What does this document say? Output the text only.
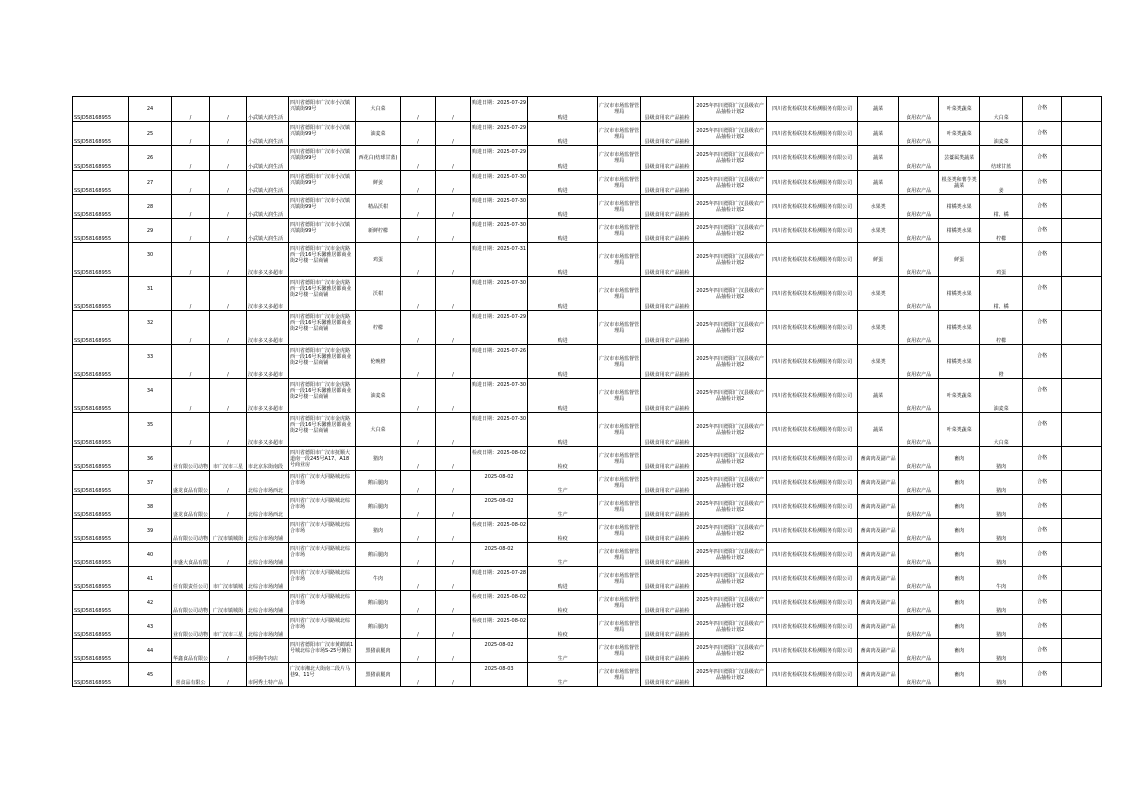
SSJD58168955	24	/	/	小武镇大润生活	四川省德阳市广汉市小汉镇兴镇街99号	大白菜	/	/	购进日期：2025-07-29	购进	广汉市市场监督管理局	县级食用农产品抽检	2025年四川德阳广汉县级农产品抽检计划2	四川省优检联技术检测服务有限公司	蔬菜	食用农产品	叶菜类蔬菜	大白菜	合格	
SSJD58168955	25	/	/	小武镇大润生活	四川省德阳市广汉市小汉镇兴镇街99号	油麦菜	/	/	购进日期：2025-07-29	购进	广汉市市场监督管理局	县级食用农产品抽检	2025年四川德阳广汉县级农产品抽检计划2	四川省优检联技术检测服务有限公司	蔬菜	食用农产品	叶菜类蔬菜	油麦菜	合格	
SSJD58168955	26	/	/	小武镇大润生活	四川省德阳市广汉市小汉镇兴镇街99号	西花白(结球甘蓝)	/	/	购进日期：2025-07-29	购进	广汉市市场监督管理局	县级食用农产品抽检	2025年四川德阳广汉县级农产品抽检计划2	四川省优检联技术检测服务有限公司	蔬菜	食用农产品	芸薹属类蔬菜	结球甘蓝	合格	
SSJD58168955	27	/	/	小武镇大润生活	四川省德阳市广汉市小汉镇兴镇街99号	鲜姜	/	/	购进日期：2025-07-30	购进	广汉市市场监督管理局	县级食用农产品抽检	2025年四川德阳广汉县级农产品抽检计划2	四川省优检联技术检测服务有限公司	蔬菜	食用农产品	根茎类和薯芋类蔬菜	姜	合格	
SSJD58168955	28	/	/	小武镇大润生活	四川省德阳市广汉市小汉镇兴镇街99号	精品沃柑	/	/	购进日期：2025-07-30	购进	广汉市市场监督管理局	县级食用农产品抽检	2025年四川德阳广汉县级农产品抽检计划2	四川省优检联技术检测服务有限公司	水果类	食用农产品	柑橘类水果	柑、橘	合格	
SSJD58168955	29	/	/	小武镇大润生活	四川省德阳市广汉市小汉镇兴镇街99号	新鲜柠檬	/	/	购进日期：2025-07-30	购进	广汉市市场监督管理局	县级食用农产品抽检	2025年四川德阳广汉县级农产品抽检计划2	四川省优检联技术检测服务有限公司	水果类	食用农产品	柑橘类水果	柠檬	合格	
SSJD58168955	30	/	/	汉市多又多超市	四川省德阳市广汉市金虎路西一段16号禾馨雅居都商业街2号楼一层商铺	鸡蛋	/	/	购进日期：2025-07-31	购进	广汉市市场监督管理局	县级食用农产品抽检	2025年四川德阳广汉县级农产品抽检计划2	四川省优检联技术检测服务有限公司	鲜蛋	食用农产品	鲜蛋	鸡蛋	合格	
SSJD58168955	31	/	/	汉市多又多超市	四川省德阳市广汉市金虎路西一段16号禾馨雅居都商业街2号楼一层商铺	沃柑	/	/	购进日期：2025-07-30	购进	广汉市市场监督管理局	县级食用农产品抽检	2025年四川德阳广汉县级农产品抽检计划2	四川省优检联技术检测服务有限公司	水果类	食用农产品	柑橘类水果	柑、橘	合格	
SSJD58168955	32	/	/	汉市多又多超市	四川省德阳市广汉市金虎路西一段16号禾馨雅居都商业街2号楼一层商铺	柠檬	/	/	购进日期：2025-07-29	购进	广汉市市场监督管理局	县级食用农产品抽检	2025年四川德阳广汉县级农产品抽检计划2	四川省优检联技术检测服务有限公司	水果类	食用农产品	柑橘类水果	柠檬	合格	
SSJD58168955	33	/	/	汉市多又多超市	四川省德阳市广汉市金虎路西一段16号禾馨雅居都商业街2号楼一层商铺	伦晚橙	/	/	购进日期：2025-07-26	购进	广汉市市场监督管理局	县级食用农产品抽检	2025年四川德阳广汉县级农产品抽检计划2	四川省优检联技术检测服务有限公司	水果类	食用农产品	柑橘类水果	橙	合格	
SSJD58168955	34	/	/	汉市多又多超市	四川省德阳市广汉市金虎路西一段16号禾馨雅居都商业街2号楼一层商铺	油麦菜	/	/	购进日期：2025-07-30	购进	广汉市市场监督管理局	县级食用农产品抽检	2025年四川德阳广汉县级农产品抽检计划2	四川省优检联技术检测服务有限公司	蔬菜	食用农产品	叶菜类蔬菜	油麦菜	合格	
SSJD58168955	35	/	/	汉市多又多超市	四川省德阳市广汉市金虎路西一段16号禾馨雅居都商业街2号楼一层商铺	大白菜	/	/	购进日期：2025-07-30	购进	广汉市市场监督管理局	县级食用农产品抽检	2025年四川德阳广汉县级农产品抽检计划2	四川省优检联技术检测服务有限公司	蔬菜	食用农产品	叶菜类蔬菜	大白菜	合格	
SSJD58168955	36	业有限公司动物	市广汉市三星	市北京东街南段	四川省德阳市广汉市抚顺大道南一段245号A17、A18号商业房	猪肉	/	/	检疫日期：2025-08-02	检疫	广汉市市场监督管理局	县级食用农产品抽检	2025年四川德阳广汉县级农产品抽检计划2	四川省优检联技术检测服务有限公司	畜禽肉及副产品	食用农产品	畜肉	猪肉	合格	
SSJD58168955	37	盛龙食品有限公	/	北综合市场西北	四川省广汉市大同路城北综合市场	鹅后腿肉	/	/	2025-08-02	生产	广汉市市场监督管理局	县级食用农产品抽检	2025年四川德阳广汉县级农产品抽检计划2	四川省优检联技术检测服务有限公司	畜禽肉及副产品	食用农产品	畜肉	猪肉	合格	
SSJD58168955	38	盛龙食品有限公	/	北综合市场西北	四川省广汉市大同路城北综合市场	鹅后腿肉	/	/	2025-08-02	生产	广汉市市场监督管理局	县级食用农产品抽检	2025年四川德阳广汉县级农产品抽检计划2	四川省优检联技术检测服务有限公司	畜禽肉及副产品	食用农产品	畜肉	猪肉	合格	
SSJD58168955	39	品有限公司动物	广汉市镇城街	北综合市场肉铺	四川省广汉市大同路城北综合市场	猪肉	/	/	检疫日期：2025-08-02	检疫	广汉市市场监督管理局	县级食用农产品抽检	2025年四川德阳广汉县级农产品抽检计划2	四川省优检联技术检测服务有限公司	畜禽肉及副产品	食用农产品	畜肉	猪肉	合格	
SSJD58168955	40	市盛大食品有限	/	北综合市场肉铺	四川省广汉市大同路城北综合市场	鹅后腿肉	/	/	2025-08-02	生产	广汉市市场监督管理局	县级食用农产品抽检	2025年四川德阳广汉县级农产品抽检计划2	四川省优检联技术检测服务有限公司	畜禽肉及副产品	食用农产品	畜肉	猪肉	合格	
SSJD58168955	41	任有限责任公司	市广汉市镇城	北综合市场肉铺	四川省广汉市大同路城北综合市场	牛肉	/	/	购进日期：2025-07-28	购进	广汉市市场监督管理局	县级食用农产品抽检	2025年四川德阳广汉县级农产品抽检计划2	四川省优检联技术检测服务有限公司	畜禽肉及副产品	食用农产品	畜肉	牛肉	合格	
SSJD58168955	42	品有限公司动物	广汉市镇城街	北综合市场肉铺	四川省广汉市大同路城北综合市场	鹅后腿肉	/	/	检疫日期：2025-08-02	检疫	广汉市市场监督管理局	县级食用农产品抽检	2025年四川德阳广汉县级农产品抽检计划2	四川省优检联技术检测服务有限公司	畜禽肉及副产品	食用农产品	畜肉	猪肉	合格	
SSJD58168955	43	业有限公司动物	市广汉市三星	北综合市场肉铺	四川省广汉市大同路城北综合市场	鹅后腿肉	/	/	检疫日期：2025-08-02	检疫	广汉市市场监督管理局	县级食用农产品抽检	2025年四川德阳广汉县级农产品抽检计划2	四川省优检联技术检测服务有限公司	畜禽肉及副产品	食用农产品	畜肉	猪肉	合格	
SSJD58168955	44	华鑫食品有限公	/	市阿狗牛肉店	四川省德阳市广汉市黄鹤镇1号城北综合市场S-25号摊位	黑猪前腿肉	/	/	2025-08-02	生产	广汉市市场监督管理局	县级食用农产品抽检	2025年四川德阳广汉县级农产品抽检计划2	四川省优检联技术检测服务有限公司	畜禽肉及副产品	食用农产品	畜肉	猪肉	合格	
SSJD58168955	45	喜食品有限公	/	市阿秀土特产品	广汉市湘北大街南二段片马巷9、11号	黑猪前腿肉	/	/	2025-08-03	生产	广汉市市场监督管理局	县级食用农产品抽检	2025年四川德阳广汉县级农产品抽检计划2	四川省优检联技术检测服务有限公司	畜禽肉及副产品	食用农产品	畜肉	猪肉	合格	
